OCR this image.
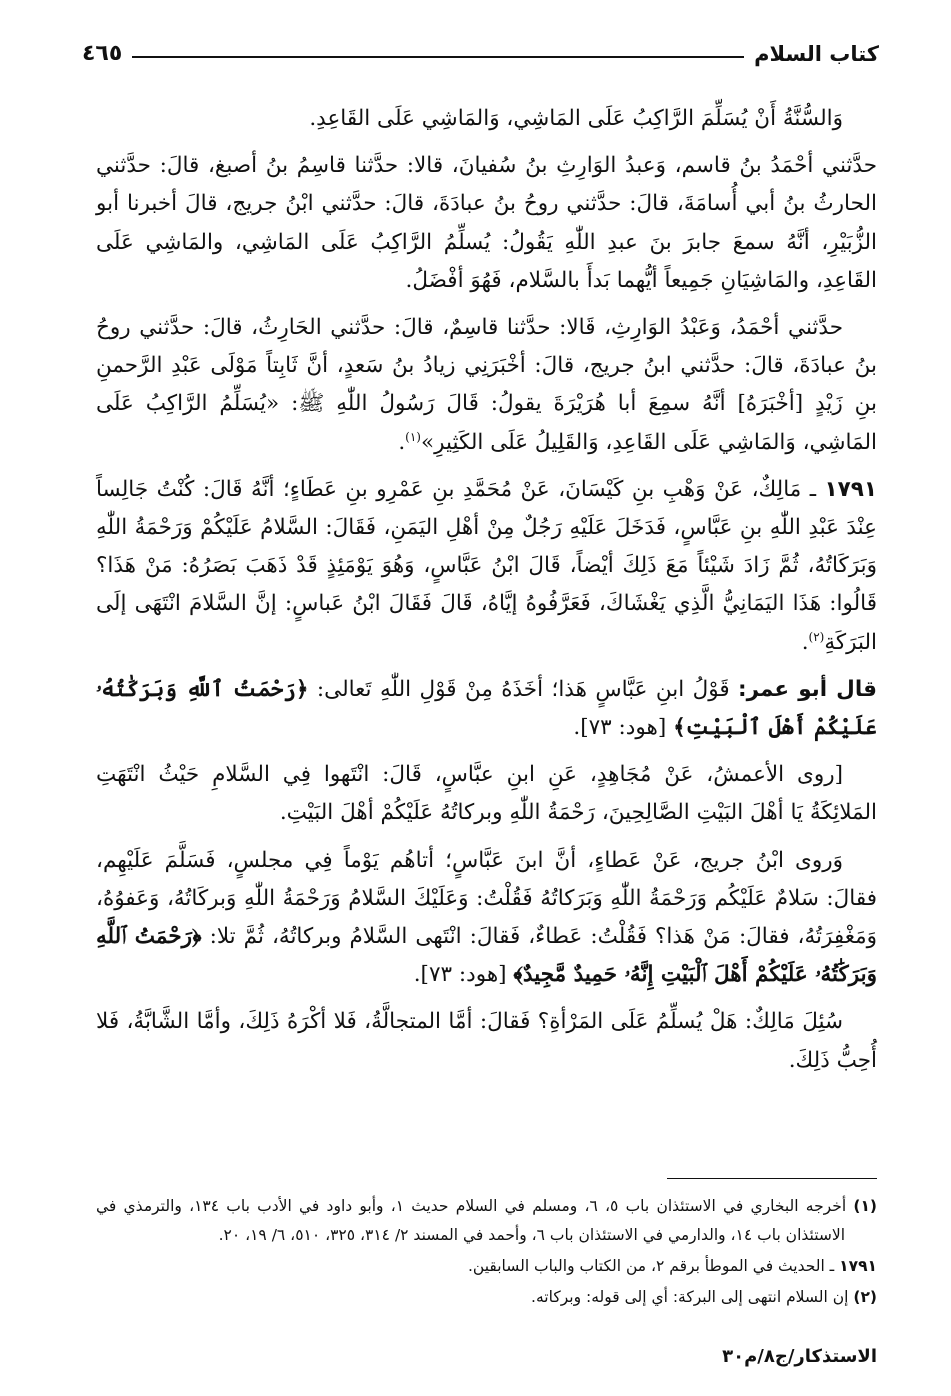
كتاب السلام
٤٦٥

وَالسُّنَّةُ أَنْ يُسَلِّمَ الرَّاكِبُ عَلَى المَاشِي، وَالمَاشِي عَلَى القَاعِدِ.

حدَّثني أحْمَدُ بنُ قاسم، وَعبدُ الوَارِثِ بنُ سُفيانَ، قالا: حدَّثنا قاسِمُ بنُ أصبغ، قالَ: حدَّثني الحارثُ بنُ أبي أُسامَةَ، قالَ: حدَّثني روحُ بنُ عبادَةَ، قالَ: حدَّثني ابْنُ جريج، قالَ أخبرنا أبو الزُّبَيْرِ، أنَّهُ سمعَ جابرَ بنَ عبدِ اللّٰهِ يَقُولُ: يُسلِّمُ الرَّاكِبُ عَلَى المَاشِي، والمَاشِي عَلَى القَاعِدِ، والمَاشِيَانِ جَمِيعاً أيُّهما بَدأَ بالسَّلام، فَهُوَ أفْضَلُ.

حدَّثني أحْمَدُ، وَعَبْدُ الوَارِثِ، قَالا: حدَّثنا قاسِمٌ، قالَ: حدَّثني الحَارِثُ، قالَ: حدَّثني روحُ بنُ عبادَةَ، قالَ: حدَّثني ابنُ جريج، قالَ: أخْبَرَنِي زيادُ بنُ سَعدٍ، أنَّ ثَابِتاً مَوْلَى عَبْدِ الرَّحمنِ بنِ زَيْدٍ [أخْبَرَهُ] أنَّهُ سمِعَ أبا هُرَيْرَةَ يقولُ: قَالَ رَسُولُ اللّٰهِ ﷺ: «يُسَلِّمُ الرَّاكِبُ عَلَى المَاشِي، وَالمَاشِي عَلَى القَاعِدِ، وَالقَلِيلُ عَلَى الكَثِيرِ»$^{(١)}$.

١٧٩١ ـ مَالِكٌ، عَنْ وَهْبِ بنِ كَيْسَانَ، عَنْ مُحَمَّدِ بنِ عَمْرِو بنِ عَطَاءٍ؛ أنَّهُ قَالَ: كُنْتُ جَالِساً عِنْدَ عَبْدِ اللّٰهِ بنِ عَبَّاسٍ، فَدَخَلَ عَلَيْهِ رَجُلٌ مِنْ أهْلِ اليَمَنِ، فَقَالَ: السَّلامُ عَلَيْكُمْ وَرَحْمَةُ اللّٰهِ وَبَرَكَاتُهُ، ثُمَّ زَادَ شَيْئاً مَعَ ذَلِكَ أيْضاً، قَالَ ابْنُ عَبَّاسٍ، وَهُوَ يَوْمَئِذٍ قَدْ ذَهَبَ بَصَرُهُ: مَنْ هَذَا؟ قَالُوا: هَذَا اليَمَانِيُّ الَّذِي يَغْشَاكَ، فَعَرَّفُوهُ إيَّاهُ، قَالَ فَقَالَ ابْنُ عَباسٍ: إنَّ السَّلامَ انْتَهَى إلَى البَرَكَةِ$^{(٢)}$.

قال أبو عمر: قَوْلُ ابنِ عَبَّاسٍ هَذا؛ أخَذَهُ مِنْ قَوْلِ اللّٰهِ تَعالى: ﴿رَحْمَتُ ٱللَّهِ وَبَرَكَٰتُهُۥ عَلَيْكُمْ أَهْلَ ٱلْبَيْتِ﴾ [هود: ٧٣].

[روى الأعمشُ، عَنْ مُجَاهِدٍ، عَنِ ابنِ عبَّاسٍ، قَالَ: انْتَهوا فِي السَّلامِ حَيْثُ انْتَهَتِ المَلائِكَةُ يَا أهْلَ البَيْتِ الصَّالِحِينَ، رَحْمَةُ اللّٰهِ وبركاتُهُ عَلَيْكُمْ أهْلَ البَيْتِ.

وَروى ابْنُ جريج، عَنْ عَطاءٍ، أنَّ ابنَ عَبَّاسٍ؛ أتاهُم يَوْماً فِي مجلسٍ، فَسَلَّمَ عَلَيْهِم، فقالَ: سَلامٌ عَلَيْكُم وَرَحْمَةُ اللّٰهِ وَبَرَكاتُهُ فَقُلْتُ: وَعَلَيْكَ السَّلامُ وَرَحْمَةُ اللّٰهِ وَبركَاتُهُ، وَعَفوُهُ، وَمَغْفِرَتُهُ، فقالَ: مَنْ هَذا؟ فَقُلْتُ: عَطاءٌ، فَقالَ: انْتَهى السَّلامُ وبركاتُهُ، ثُمَّ تلا: ﴿رَحْمَتُ ٱللَّهِ وَبَرَكَٰتُهُۥ عَلَيْكُمْ أَهْلَ ٱلْبَيْتِ إِنَّهُۥ حَمِيدٌ مَّجِيدٌ﴾ [هود: ٧٣].

سُئِلَ مَالِكٌ: هَلْ يُسلِّمُ عَلَى المَرْأةِ؟ فَقالَ: أمَّا المتجالَّةُ، فَلا أكْرَهُ ذَلِكَ، وأمَّا الشَّابَّةُ، فَلا أُحِبُّ ذَلِكَ.

(١) أخرجه البخاري في الاستئذان باب ٥، ٦، ومسلم في السلام حديث ١، وأبو داود في الأدب باب ١٣٤، والترمذي في الاستئذان باب ١٤، والدارمي في الاستئذان باب ٦، وأحمد في المسند ٢/ ٣١٤، ٣٢٥، ٥١٠، ٦/ ١٩، ٢٠.

١٧٩١ ـ الحديث في الموطأ برقم ٢، من الكتاب والباب السابقين.

(٢) إن السلام انتهى إلى البركة: أي إلى قوله: وبركاته.

الاستذكار/ج٨/م٣٠
